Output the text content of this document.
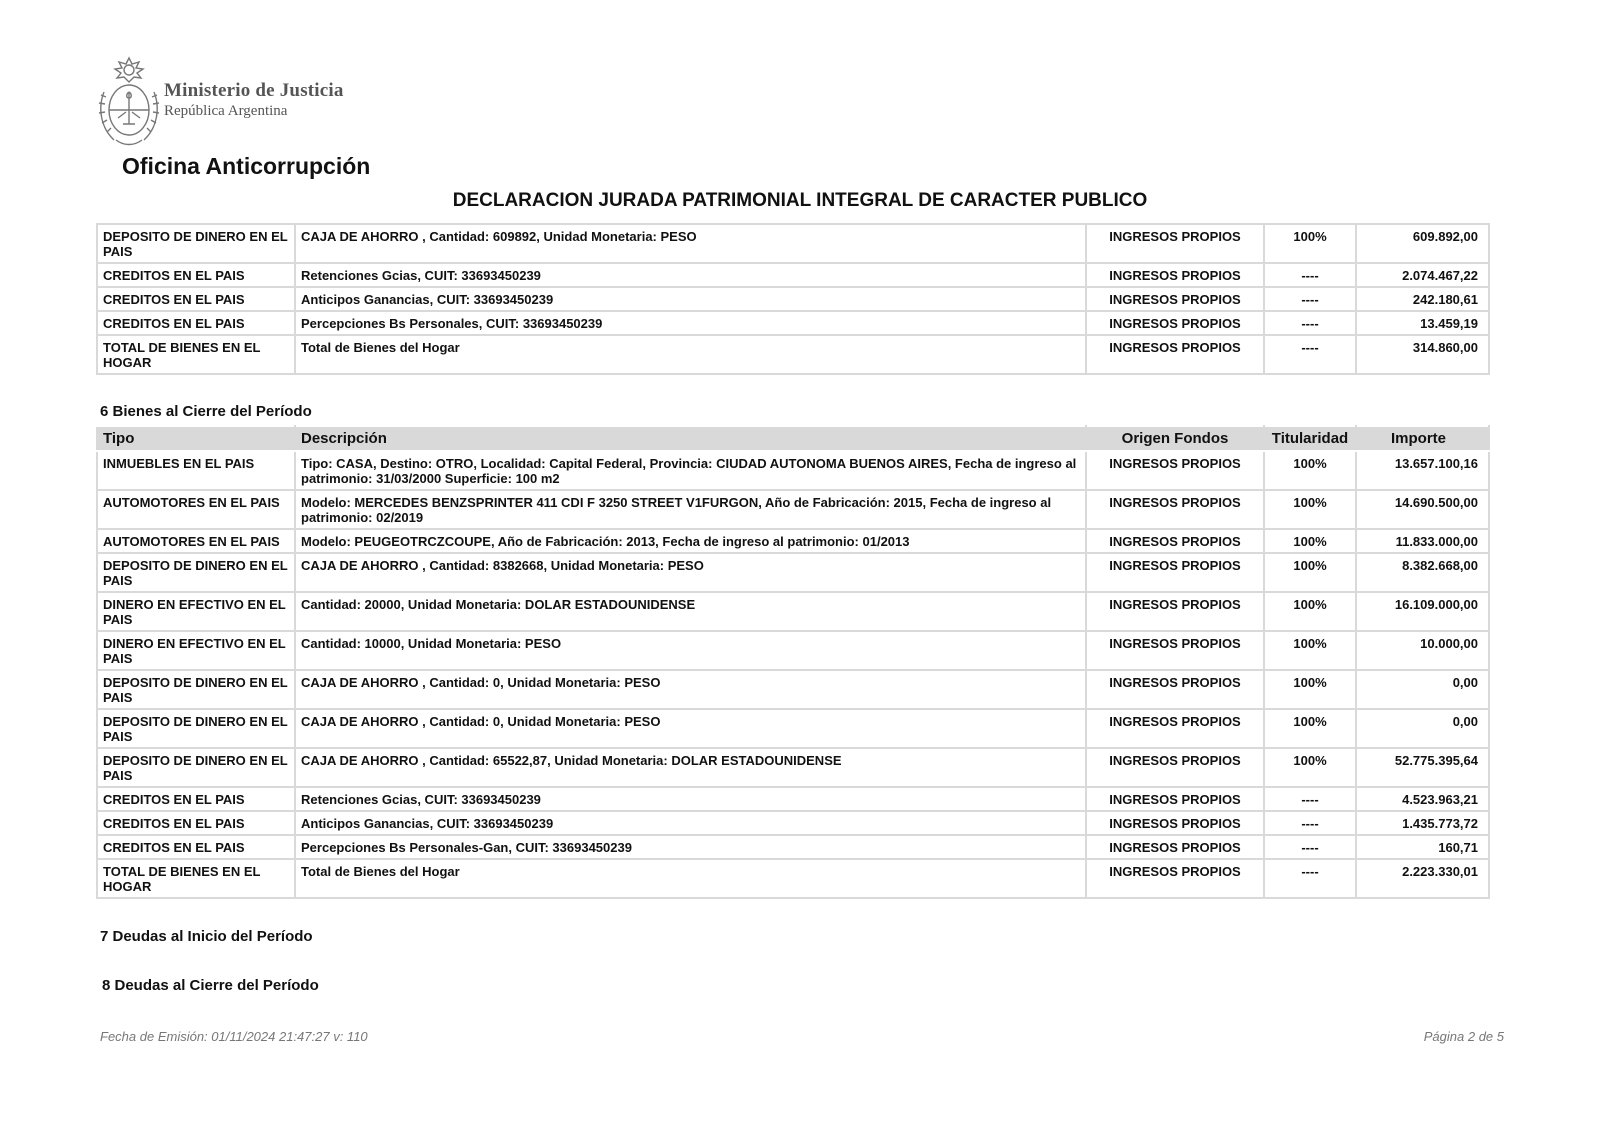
Ministerio de Justicia
República Argentina
Oficina Anticorrupción
DECLARACION JURADA PATRIMONIAL INTEGRAL DE CARACTER PUBLICO
DEPOSITO DE DINERO EN EL PAIS	CAJA DE AHORRO , Cantidad: 609892, Unidad Monetaria: PESO	INGRESOS PROPIOS	100%	609.892,00
CREDITOS EN EL PAIS	Retenciones Gcias, CUIT: 33693450239	INGRESOS PROPIOS	----	2.074.467,22
CREDITOS EN EL PAIS	Anticipos Ganancias, CUIT: 33693450239	INGRESOS PROPIOS	----	242.180,61
CREDITOS EN EL PAIS	Percepciones Bs Personales, CUIT: 33693450239	INGRESOS PROPIOS	----	13.459,19
TOTAL DE BIENES EN EL HOGAR	Total de Bienes del Hogar	INGRESOS PROPIOS	----	314.860,00
6 Bienes al Cierre del Período
Tipo	Descripción	Origen Fondos	Titularidad	Importe
INMUEBLES EN EL PAIS	Tipo: CASA, Destino: OTRO, Localidad: Capital Federal, Provincia: CIUDAD AUTONOMA BUENOS AIRES, Fecha de ingreso al patrimonio: 31/03/2000 Superficie: 100 m2	INGRESOS PROPIOS	100%	13.657.100,16
AUTOMOTORES EN EL PAIS	Modelo: MERCEDES BENZSPRINTER 411 CDI F 3250 STREET V1FURGON, Año de Fabricación: 2015, Fecha de ingreso al patrimonio: 02/2019	INGRESOS PROPIOS	100%	14.690.500,00
AUTOMOTORES EN EL PAIS	Modelo: PEUGEOTRCZCOUPE, Año de Fabricación: 2013, Fecha de ingreso al patrimonio: 01/2013	INGRESOS PROPIOS	100%	11.833.000,00
DEPOSITO DE DINERO EN EL PAIS	CAJA DE AHORRO , Cantidad: 8382668, Unidad Monetaria: PESO	INGRESOS PROPIOS	100%	8.382.668,00
DINERO EN EFECTIVO EN EL PAIS	Cantidad: 20000, Unidad Monetaria: DOLAR ESTADOUNIDENSE	INGRESOS PROPIOS	100%	16.109.000,00
DINERO EN EFECTIVO EN EL PAIS	Cantidad: 10000, Unidad Monetaria: PESO	INGRESOS PROPIOS	100%	10.000,00
DEPOSITO DE DINERO EN EL PAIS	CAJA DE AHORRO , Cantidad: 0, Unidad Monetaria: PESO	INGRESOS PROPIOS	100%	0,00
DEPOSITO DE DINERO EN EL PAIS	CAJA DE AHORRO , Cantidad: 0, Unidad Monetaria: PESO	INGRESOS PROPIOS	100%	0,00
DEPOSITO DE DINERO EN EL PAIS	CAJA DE AHORRO , Cantidad: 65522,87, Unidad Monetaria: DOLAR ESTADOUNIDENSE	INGRESOS PROPIOS	100%	52.775.395,64
CREDITOS EN EL PAIS	Retenciones Gcias, CUIT: 33693450239	INGRESOS PROPIOS	----	4.523.963,21
CREDITOS EN EL PAIS	Anticipos Ganancias, CUIT: 33693450239	INGRESOS PROPIOS	----	1.435.773,72
CREDITOS EN EL PAIS	Percepciones Bs Personales-Gan, CUIT: 33693450239	INGRESOS PROPIOS	----	160,71
TOTAL DE BIENES EN EL HOGAR	Total de Bienes del Hogar	INGRESOS PROPIOS	----	2.223.330,01
7 Deudas al Inicio del Período
8 Deudas al Cierre del Período
Fecha de Emisión: 01/11/2024 21:47:27 v: 110	Página 2 de 5
